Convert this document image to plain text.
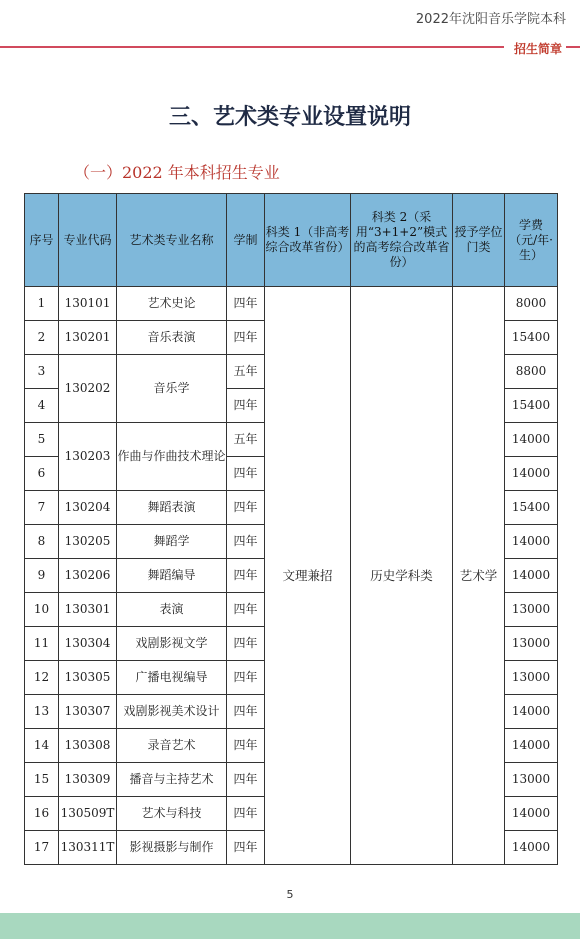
2022年沈阳音乐学院本科
招生简章
三、艺术类专业设置说明
（一）2022 年本科招生专业
序号	专业代码	艺术类专业名称	学制	科类 1（非高考综合改革省份）	科类 2（采用“3+1+2”模式的高考综合改革省份）	授予学位门类	学费（元/年·生）
1	130101	艺术史论	四年	文理兼招	历史学科类	艺术学	8000
2	130201	音乐表演	四年				15400
3	130202	音乐学	五年				8800
4			四年				15400
5	130203	作曲与作曲技术理论	五年				14000
6			四年				14000
7	130204	舞蹈表演	四年				15400
8	130205	舞蹈学	四年				14000
9	130206	舞蹈编导	四年				14000
10	130301	表演	四年				13000
11	130304	戏剧影视文学	四年				13000
12	130305	广播电视编导	四年				13000
13	130307	戏剧影视美术设计	四年				14000
14	130308	录音艺术	四年				14000
15	130309	播音与主持艺术	四年				13000
16	130509T	艺术与科技	四年				14000
17	130311T	影视摄影与制作	四年				14000
5
